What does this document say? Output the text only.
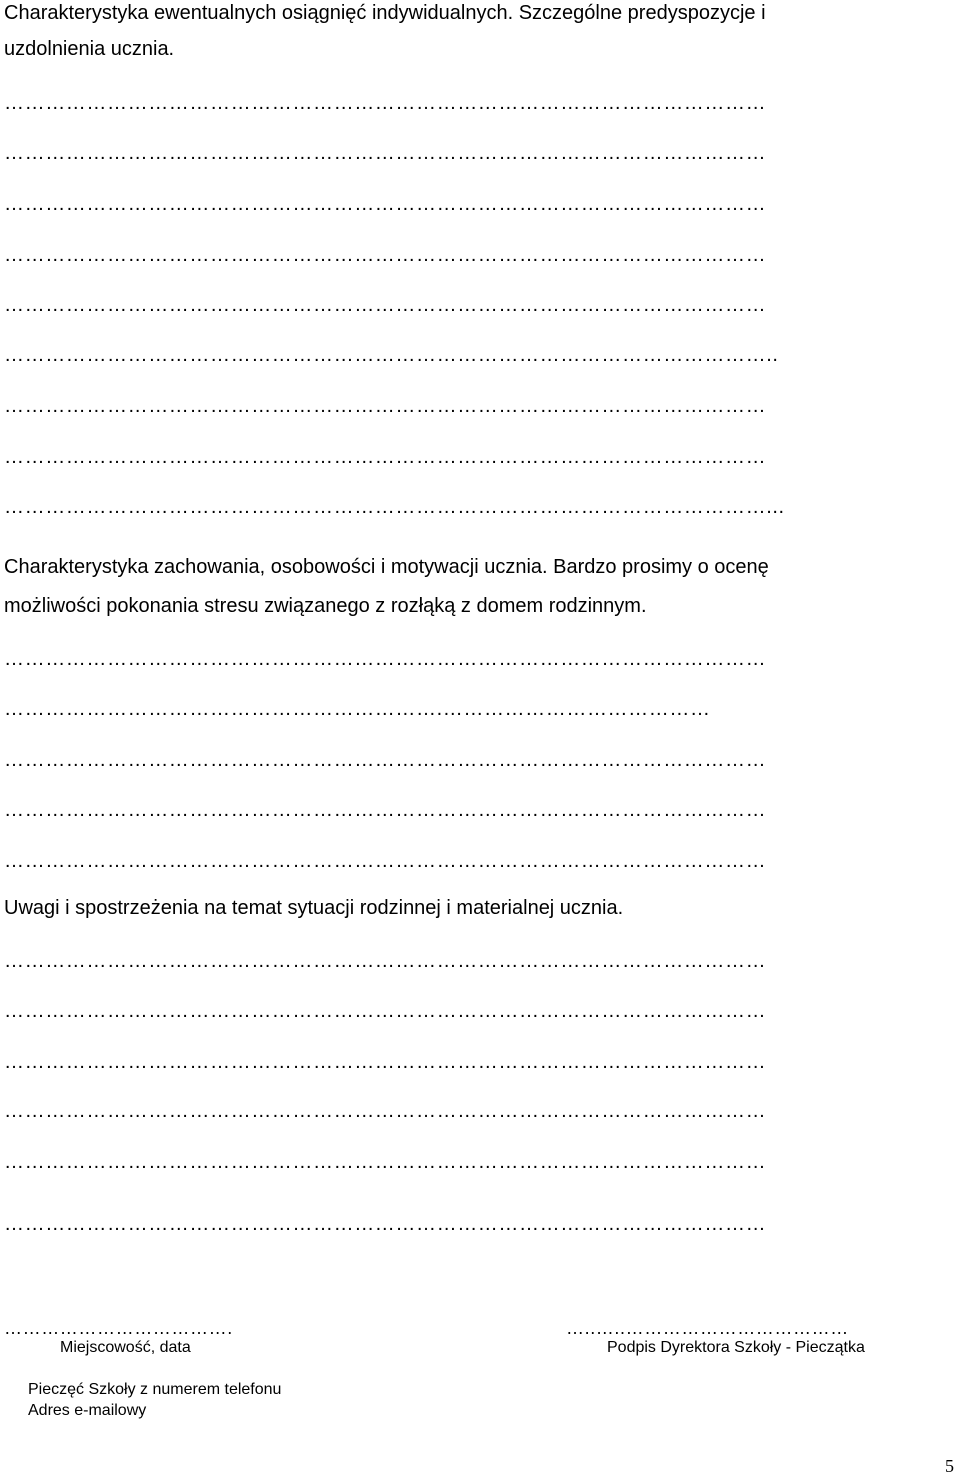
Charakterystyka ewentualnych osiągnięć indywidualnych. Szczególne predyspozycje i
uzdolnienia ucznia.
…………………………………………………………………………………………………
…………………………………………………………………………………………………
…………………………………………………………………………………………………
…………………………………………………………………………………………………
…………………………………………………………………………………………………
…………………………………………………………………………………………………..
…………………………………………………………………………………………………
…………………………………………………………………………………………………
…………………………………………………………………………………………………...
Charakterystyka zachowania, osobowości i motywacji ucznia. Bardzo prosimy o ocenę
możliwości pokonania stresu związanego z rozłąką z domem rodzinnym.
…………………………………………………………………………………………………
……………………………………………………….…………………………………
…………………………………………………………………………………………………
…………………………………………………………………………………………………
…………………………………………………………………………………………………
Uwagi i spostrzeżenia na temat sytuacji rodzinnej i materialnej ucznia.
…………………………………………………………………………………………………
…………………………………………………………………………………………………
…………………………………………………………………………………………………
…………………………………………………………………………………………………
…………………………………………………………………………………………………
…………………………………………………………………………………………………
……………………………….
Miejscowość, data
…..…..………………………………
Podpis Dyrektora Szkoły - Pieczątka
Pieczęć Szkoły z numerem telefonu
Adres e-mailowy
5
